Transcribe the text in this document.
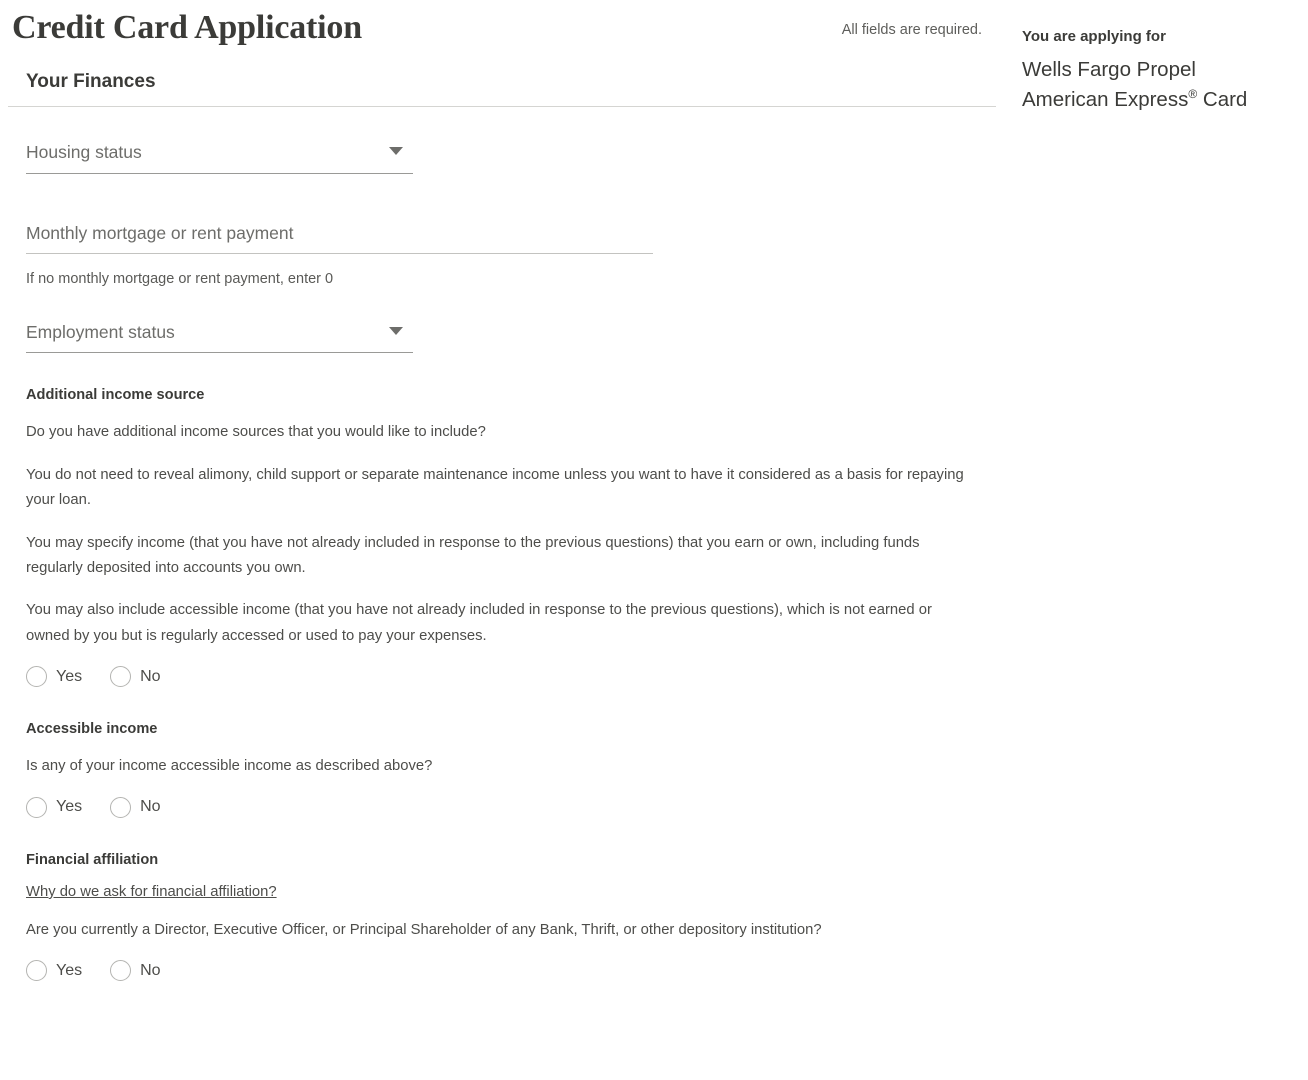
Credit Card Application	All fields are required.
Your Finances
Housing status
Monthly mortgage or rent payment
If no monthly mortgage or rent payment, enter 0
Employment status
Additional income source
Do you have additional income sources that you would like to include?
You do not need to reveal alimony, child support or separate maintenance income unless you want to have it considered as a basis for repaying your loan.
You may specify income (that you have not already included in response to the previous questions) that you earn or own, including funds regularly deposited into accounts you own.
You may also include accessible income (that you have not already included in response to the previous questions), which is not earned or owned by you but is regularly accessed or used to pay your expenses.
Yes	No
Accessible income
Is any of your income accessible income as described above?
Yes	No
Financial affiliation
Why do we ask for financial affiliation?
Are you currently a Director, Executive Officer, or Principal Shareholder of any Bank, Thrift, or other depository institution?
Yes	No
You are applying for
Wells Fargo Propel
American Express® Card
